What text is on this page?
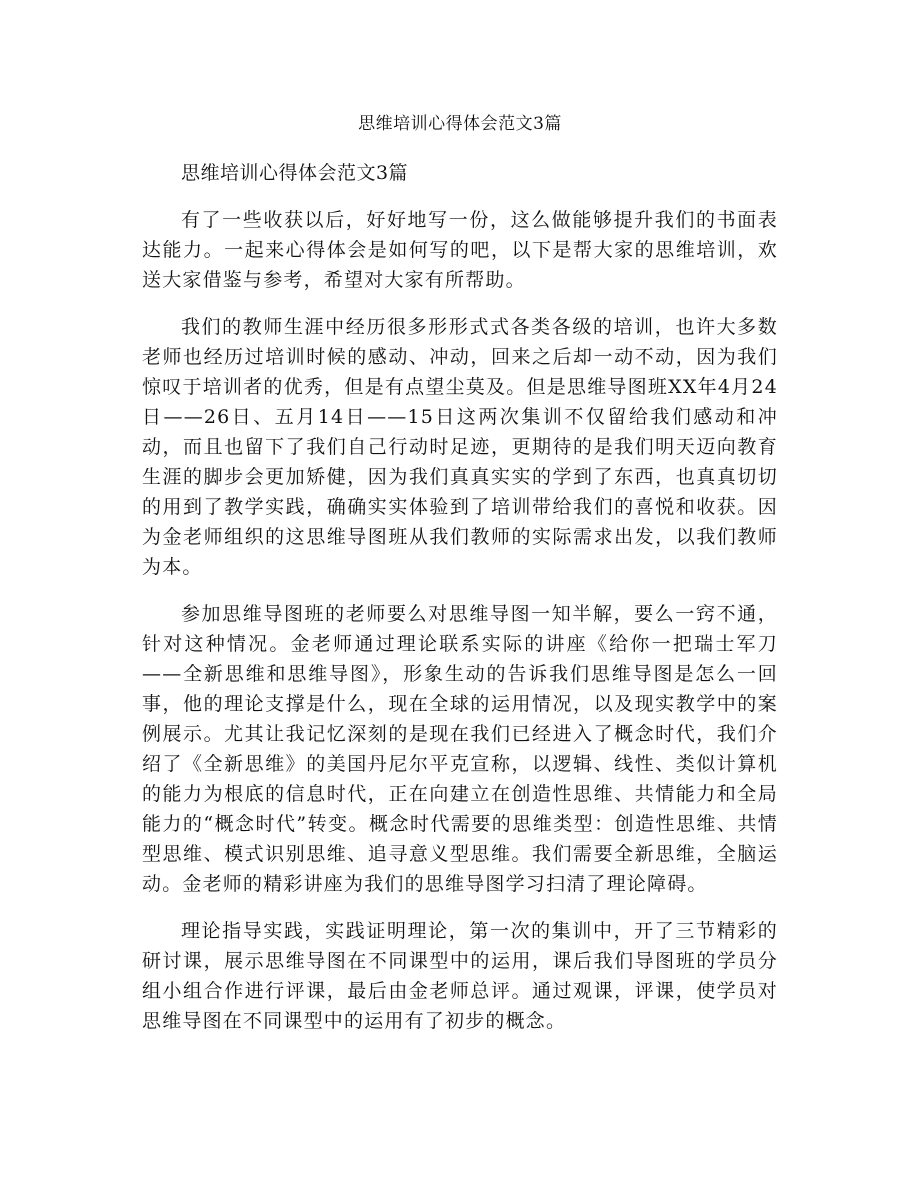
思维培训心得体会范文3篇

思维培训心得体会范文3篇

有了一些收获以后，好好地写一份，这么做能够提升我们的书面表达能力。一起来心得体会是如何写的吧，以下是帮大家的思维培训，欢送大家借鉴与参考，希望对大家有所帮助。

我们的教师生涯中经历很多形形式式各类各级的培训，也许大多数老师也经历过培训时候的感动、冲动，回来之后却一动不动，因为我们惊叹于培训者的优秀，但是有点望尘莫及。但是思维导图班XX年4月24日——26日、五月14日——15日这两次集训不仅留给我们感动和冲动，而且也留下了我们自己行动时足迹，更期待的是我们明天迈向教育生涯的脚步会更加矫健，因为我们真真实实的学到了东西，也真真切切的用到了教学实践，确确实实体验到了培训带给我们的喜悦和收获。因为金老师组织的这思维导图班从我们教师的实际需求出发，以我们教师为本。

参加思维导图班的老师要么对思维导图一知半解，要么一窍不通，针对这种情况。金老师通过理论联系实际的讲座《给你一把瑞士军刀——全新思维和思维导图》，形象生动的告诉我们思维导图是怎么一回事，他的理论支撑是什么，现在全球的运用情况，以及现实教学中的案例展示。尤其让我记忆深刻的是现在我们已经进入了概念时代，我们介绍了《全新思维》的美国丹尼尔平克宣称，以逻辑、线性、类似计算机的能力为根底的信息时代，正在向建立在创造性思维、共情能力和全局能力的“概念时代”转变。概念时代需要的思维类型：创造性思维、共情型思维、模式识别思维、追寻意义型思维。我们需要全新思维，全脑运动。金老师的精彩讲座为我们的思维导图学习扫清了理论障碍。

理论指导实践，实践证明理论，第一次的集训中，开了三节精彩的研讨课，展示思维导图在不同课型中的运用，课后我们导图班的学员分组小组合作进行评课，最后由金老师总评。通过观课，评课，使学员对思维导图在不同课型中的运用有了初步的概念。
